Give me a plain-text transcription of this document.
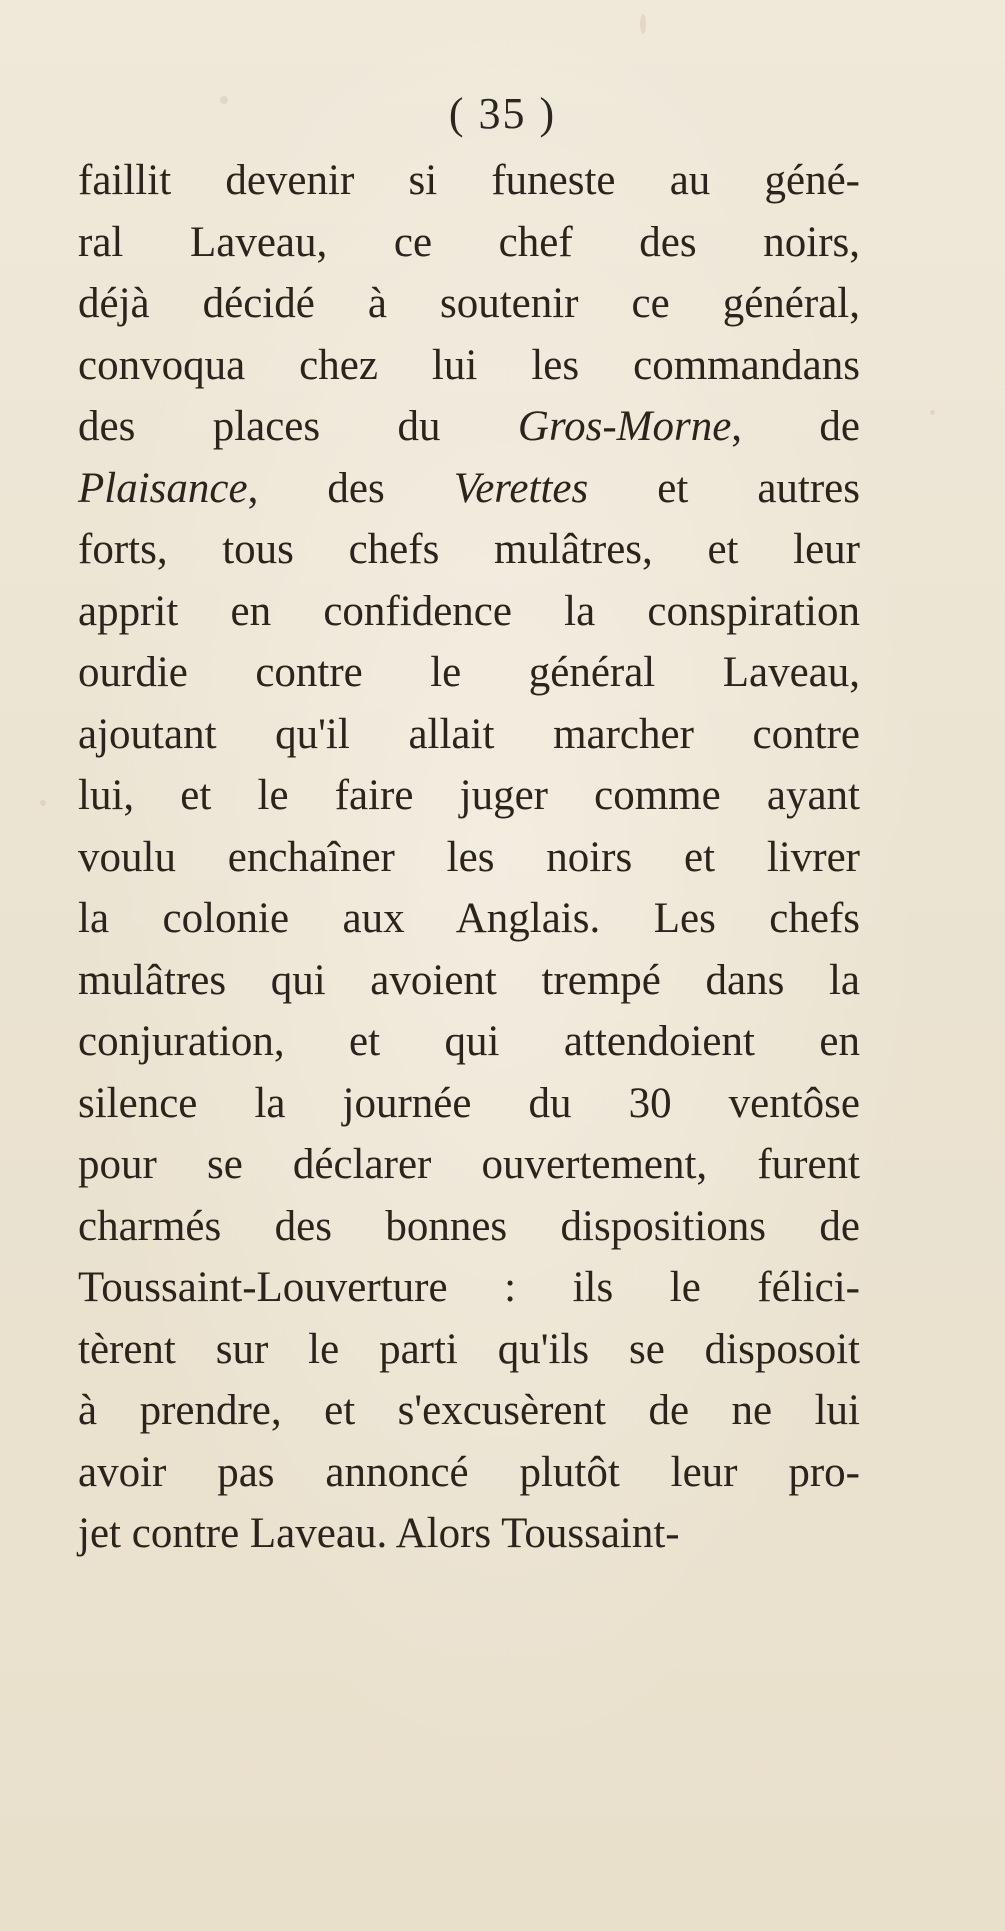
( 35 )
faillit devenir si funeste au géné-
ral Laveau, ce chef des noirs,
déjà décidé à soutenir ce général,
convoqua chez lui les commandans
des places du Gros-Morne, de
Plaisance, des Verettes et autres
forts, tous chefs mulâtres, et leur
apprit en confidence la conspiration
ourdie contre le général Laveau,
ajoutant qu'il allait marcher contre
lui, et le faire juger comme ayant
voulu enchaîner les noirs et livrer
la colonie aux Anglais. Les chefs
mulâtres qui avoient trempé dans la
conjuration, et qui attendoient en
silence la journée du 30 ventôse
pour se déclarer ouvertement, furent
charmés des bonnes dispositions de
Toussaint-Louverture : ils le félici-
tèrent sur le parti qu'ils se disposoit
à prendre, et s'excusèrent de ne lui
avoir pas annoncé plutôt leur pro-
jet contre Laveau. Alors Toussaint-
